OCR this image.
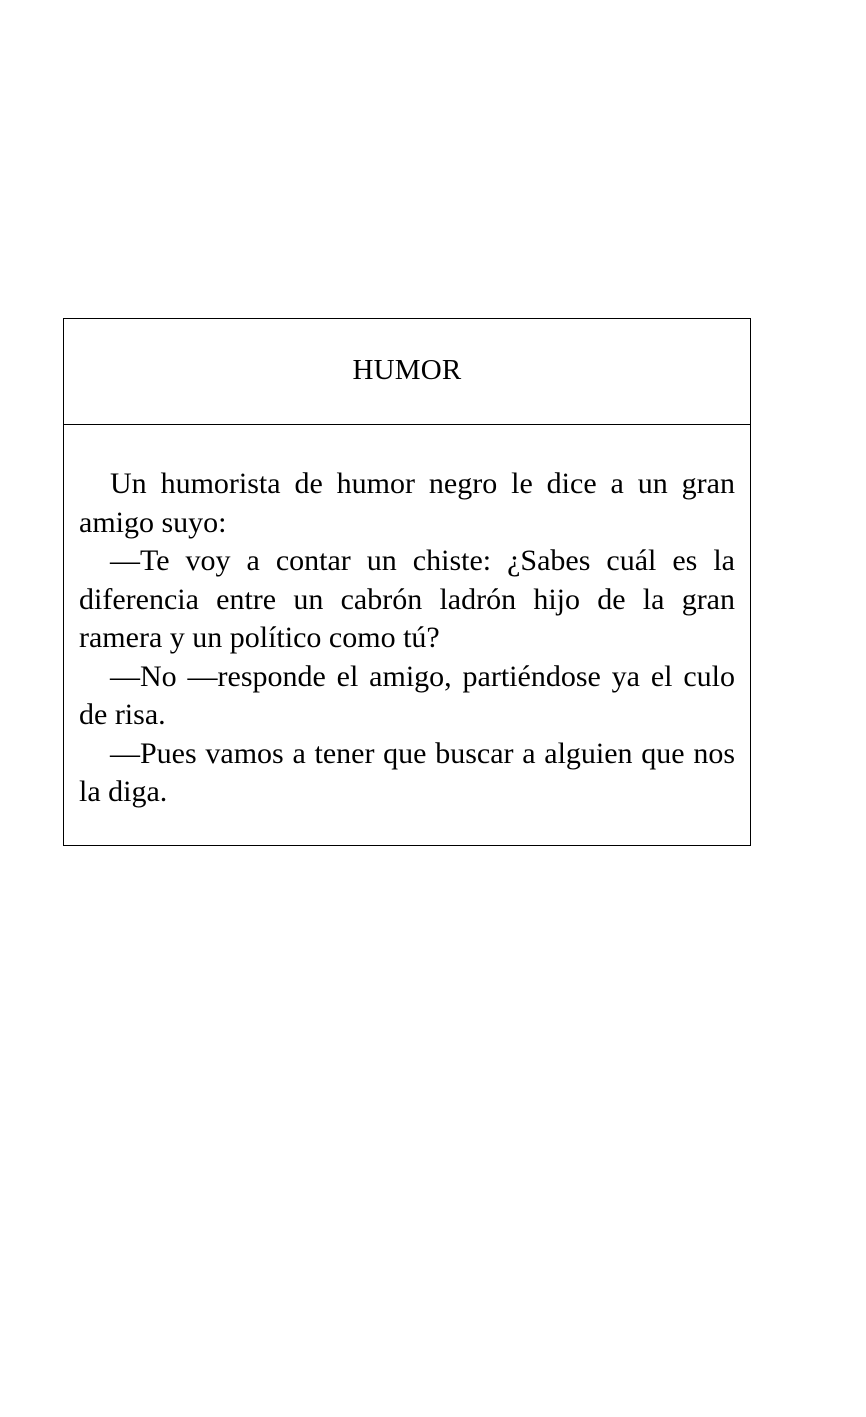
HUMOR

Un humorista de humor negro le dice a un gran amigo suyo:

—Te voy a contar un chiste: ¿Sabes cuál es la diferencia entre un cabrón ladrón hijo de la gran ramera y un político como tú?

—No —responde el amigo, partiéndose ya el culo de risa.

—Pues vamos a tener que buscar a alguien que nos la diga.
